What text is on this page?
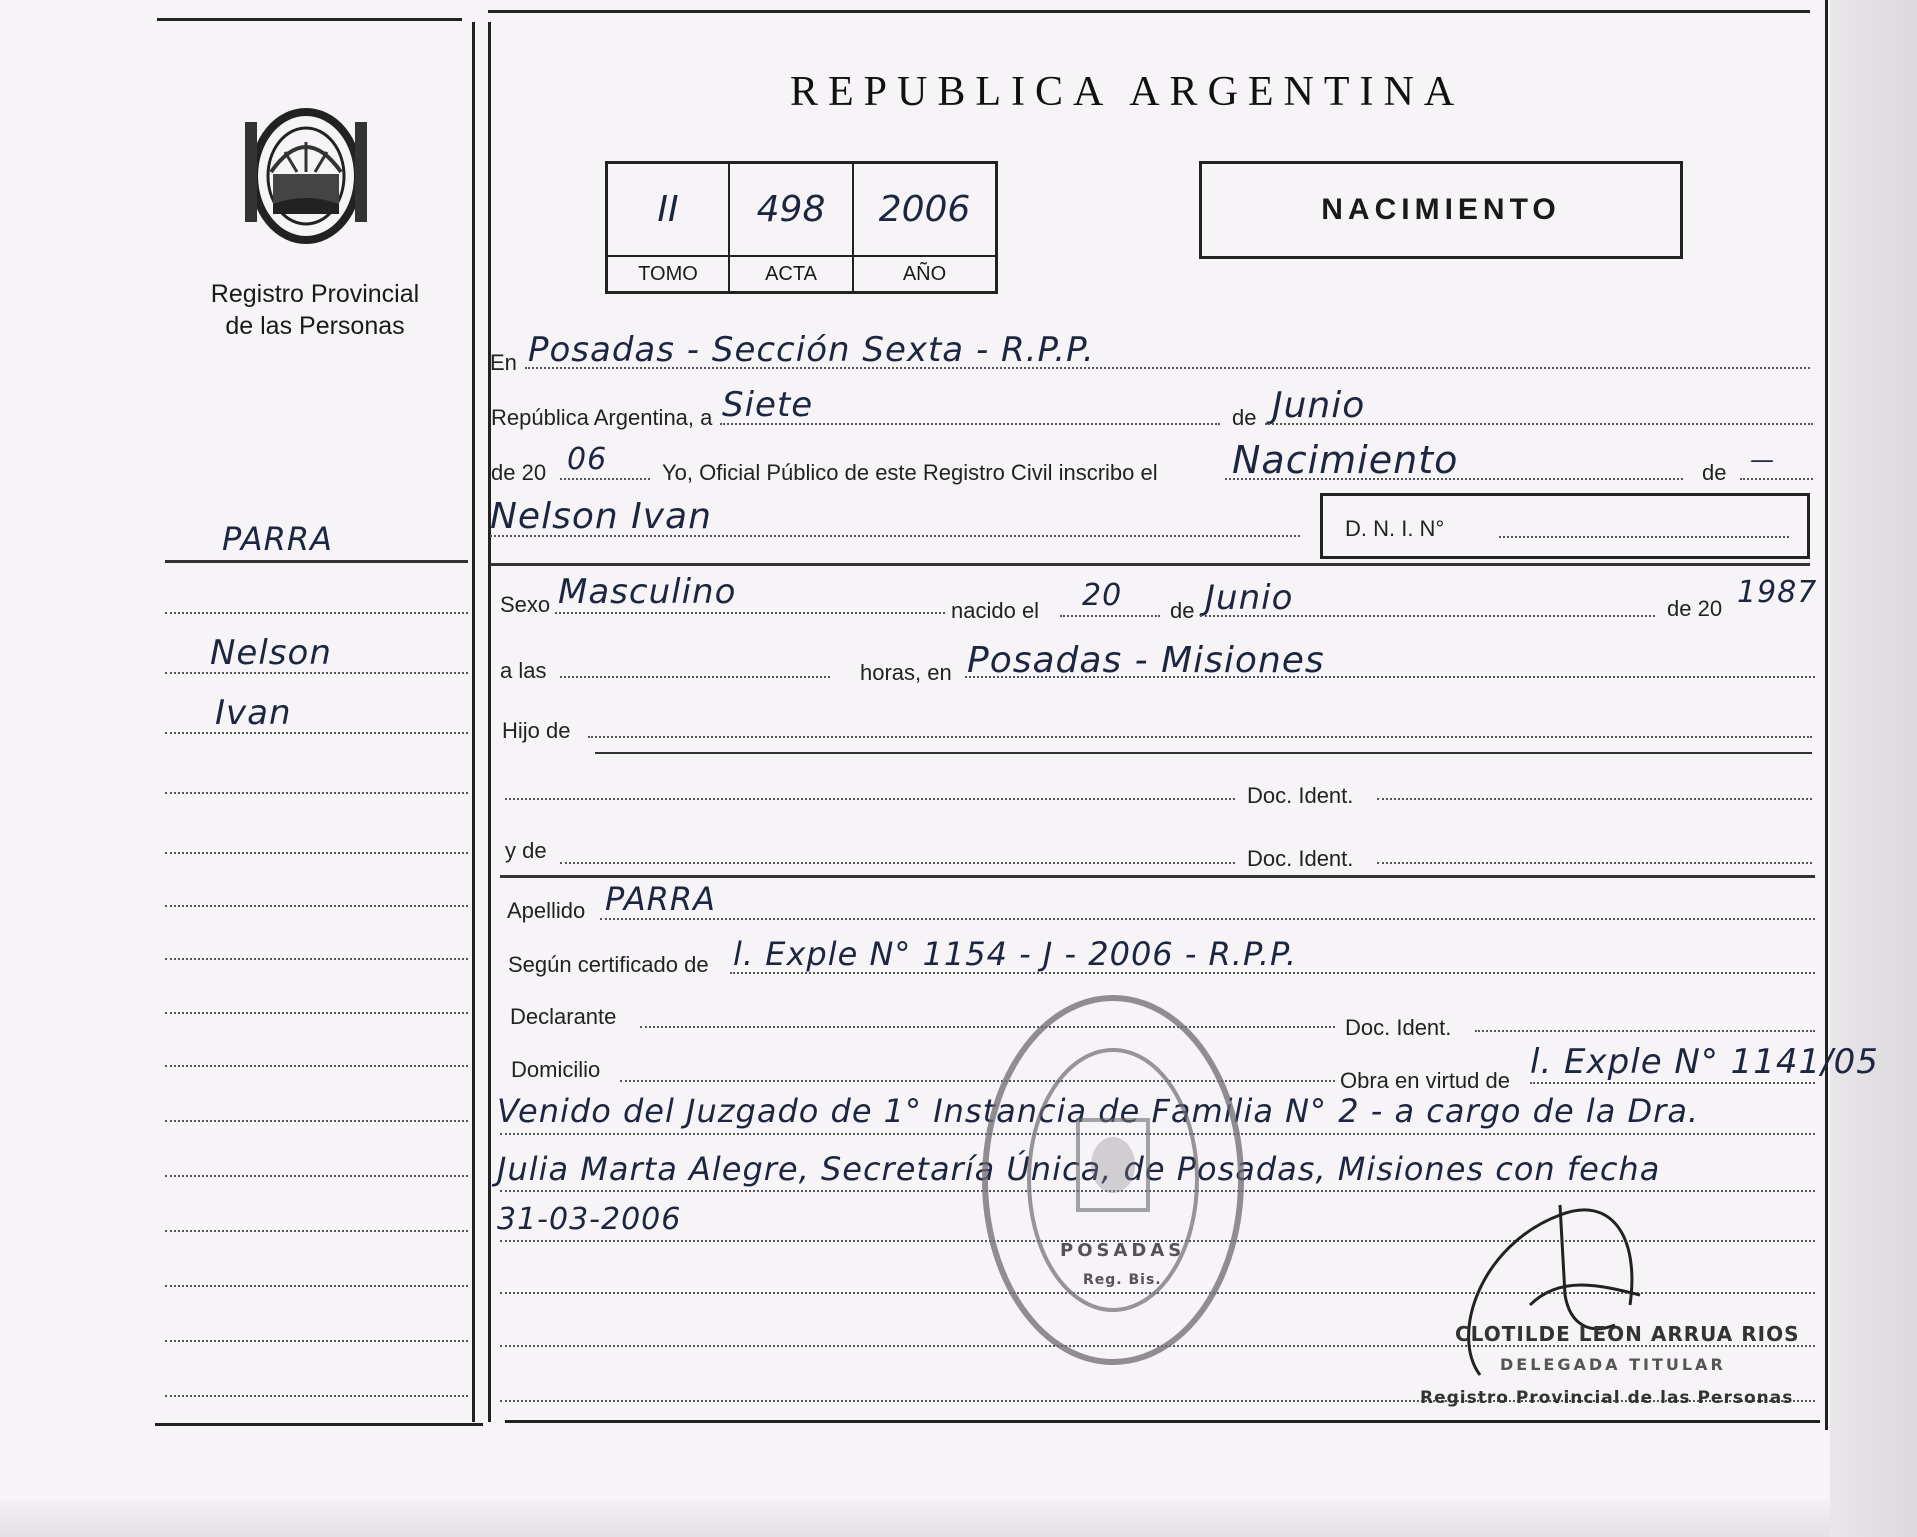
Registro Provincial
de las Personas
REPUBLICA ARGENTINA
II 498 2006
TOMO	ACTA	AÑO
NACIMIENTO
PARRA
Nelson
Ivan
En Posadas - Sección Sexta - R.P.P.
República Argentina, a Siete	de Junio
de 20 06 Yo, Oficial Público de este Registro Civil inscribo el Nacimiento	de —
Nelson Ivan	D. N. I. N°
Sexo Masculino	nacido el 20 de Junio	de 20 1987
a las	horas, en Posadas - Misiones
Hijo de
Doc. Ident.
y de	Doc. Ident.
Apellido PARRA
Según certificado de l. Exple N° 1154 - J - 2006 - R.P.P.
Declarante	Doc. Ident.
Domicilio	Obra en virtud de l. Exple N° 1141/05
Venido del Juzgado de 1° Instancia de Familia N° 2 - a cargo de la Dra.
Julia Marta Alegre, Secretaría Única, de Posadas, Misiones con fecha
31-03-2006
POSADAS
Reg. Bis.
CLOTILDE LEON ARRUA RIOS
DELEGADA TITULAR
Registro Provincial de las Personas
